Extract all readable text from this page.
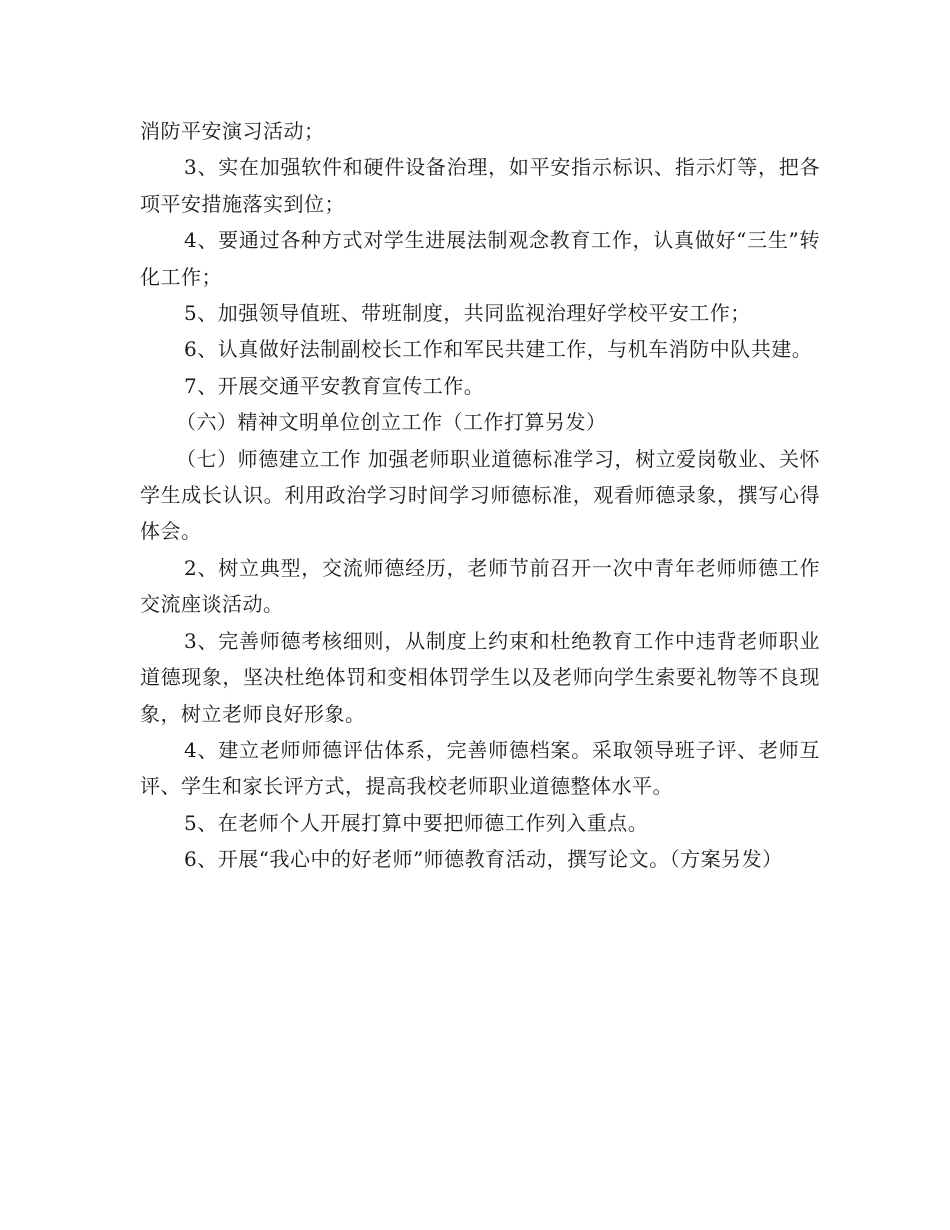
消防平安演习活动；

3、实在加强软件和硬件设备治理，如平安指示标识、指示灯等，把各项平安措施落实到位；

4、要通过各种方式对学生进展法制观念教育工作，认真做好“三生”转化工作；

5、加强领导值班、带班制度，共同监视治理好学校平安工作；

6、认真做好法制副校长工作和军民共建工作，与机车消防中队共建。

7、开展交通平安教育宣传工作。

（六）精神文明单位创立工作（工作打算另发）

（七）师德建立工作 加强老师职业道德标准学习，树立爱岗敬业、关怀学生成长认识。利用政治学习时间学习师德标准，观看师德录象，撰写心得体会。

2、树立典型，交流师德经历，老师节前召开一次中青年老师师德工作交流座谈活动。

3、完善师德考核细则，从制度上约束和杜绝教育工作中违背老师职业道德现象，坚决杜绝体罚和变相体罚学生以及老师向学生索要礼物等不良现象，树立老师良好形象。

4、建立老师师德评估体系，完善师德档案。采取领导班子评、老师互评、学生和家长评方式，提高我校老师职业道德整体水平。

5、在老师个人开展打算中要把师德工作列入重点。

6、开展“我心中的好老师”师德教育活动，撰写论文。（方案另发）
